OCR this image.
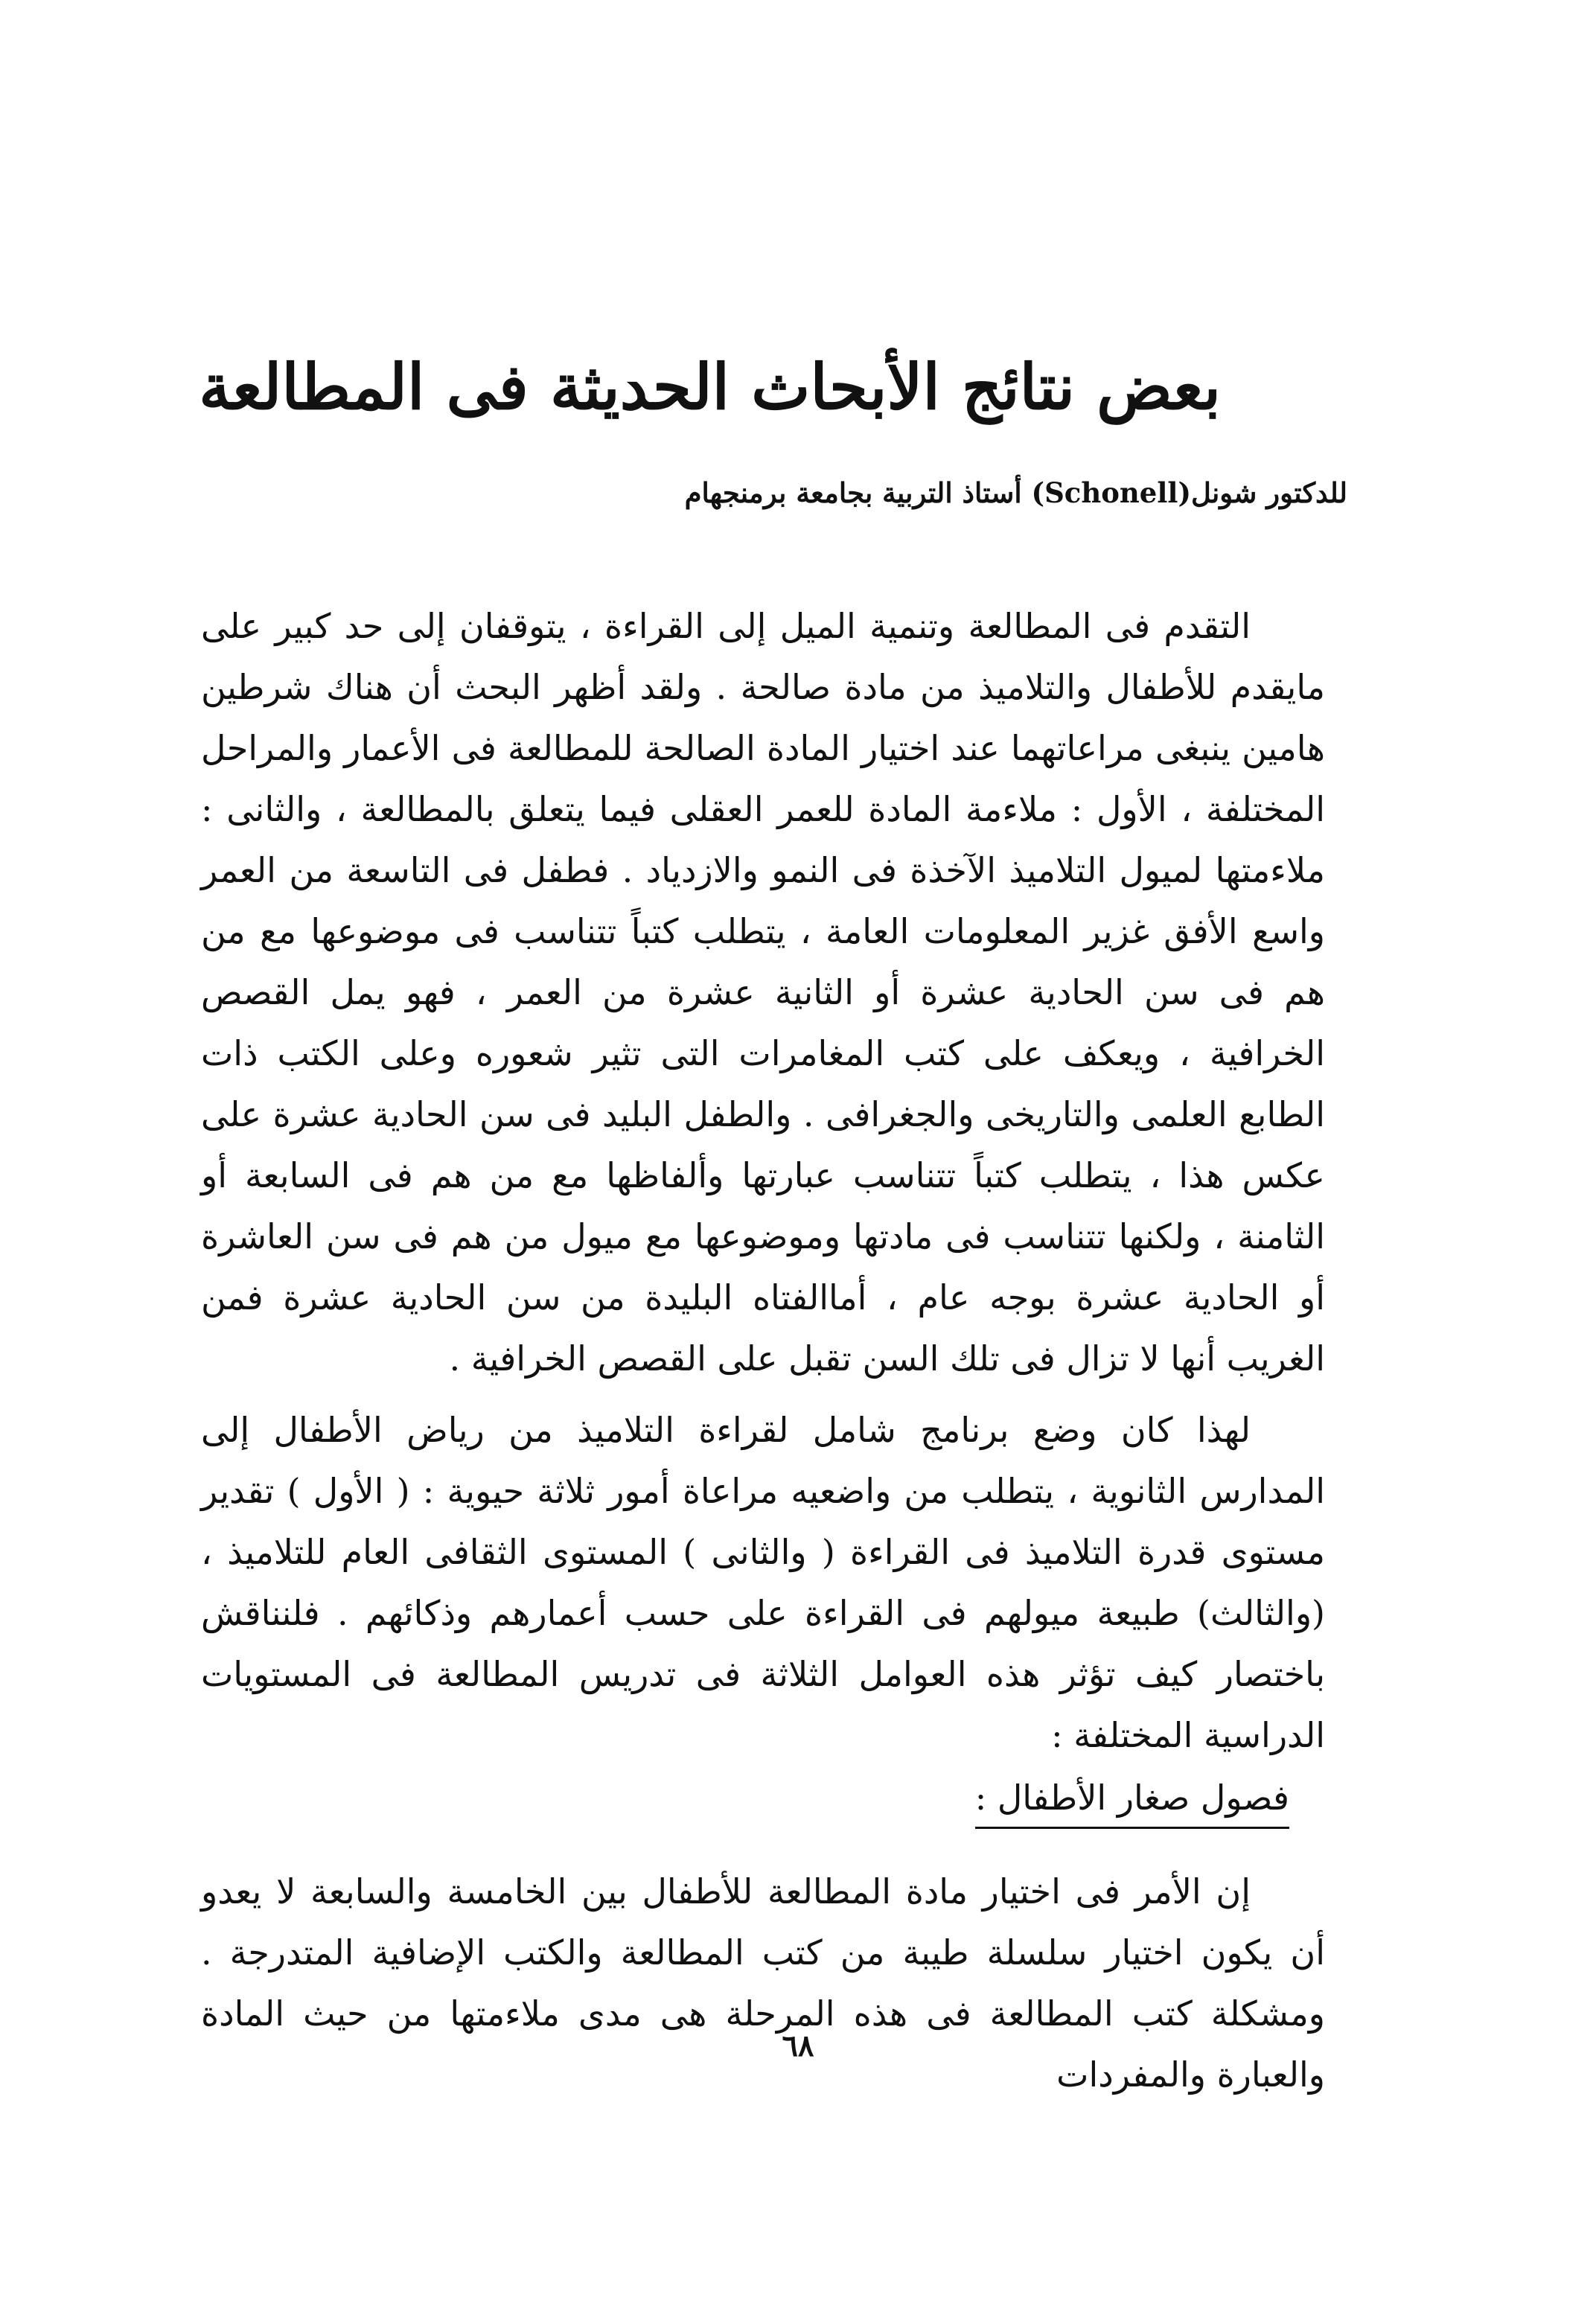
بعض نتائج الأبحاث الحديثة فى المطالعة
للدكتور شونل(Schonell) أستاذ التربية بجامعة برمنجهام
التقدم فى المطالعة وتنمية الميل إلى القراءة ، يتوقفان إلى حد كبير على مايقدم للأطفال والتلاميذ من مادة صالحة . ولقد أظهر البحث أن هناك شرطين هامين ينبغى مراعاتهما عند اختيار المادة الصالحة للمطالعة فى الأعمار والمراحل المختلفة ، الأول : ملاءمة المادة للعمر العقلى فيما يتعلق بالمطالعة ، والثانى : ملاءمتها لميول التلاميذ الآخذة فى النمو والازدياد . فطفل فى التاسعة من العمر واسع الأفق غزير المعلومات العامة ، يتطلب كتباً تتناسب فى موضوعها مع من هم فى سن الحادية عشرة أو الثانية عشرة من العمر ، فهو يمل القصص الخرافية ، ويعكف على كتب المغامرات التى تثير شعوره وعلى الكتب ذات الطابع العلمى والتاريخى والجغرافى . والطفل البليد فى سن الحادية عشرة على عكس هذا ، يتطلب كتباً تتناسب عبارتها وألفاظها مع من هم فى السابعة أو الثامنة ، ولكنها تتناسب فى مادتها وموضوعها مع ميول من هم فى سن العاشرة أو الحادية عشرة بوجه عام ، أماالفتاه البليدة من سن الحادية عشرة فمن الغريب أنها لا تزال فى تلك السن تقبل على القصص الخرافية .
لهذا كان وضع برنامج شامل لقراءة التلاميذ من رياض الأطفال إلى المدارس الثانوية ، يتطلب من واضعيه مراعاة أمور ثلاثة حيوية : ( الأول ) تقدير مستوى قدرة التلاميذ فى القراءة ( والثانى ) المستوى الثقافى العام للتلاميذ ، (والثالث) طبيعة ميولهم فى القراءة على حسب أعمارهم وذكائهم . فلنناقش باختصار كيف تؤثر هذه العوامل الثلاثة فى تدريس المطالعة فى المستويات الدراسية المختلفة :
فصول صغار الأطفال :
إن الأمر فى اختيار مادة المطالعة للأطفال بين الخامسة والسابعة لا يعدو أن يكون اختيار سلسلة طيبة من كتب المطالعة والكتب الإضافية المتدرجة . ومشكلة كتب المطالعة فى هذه المرحلة هى مدى ملاءمتها من حيث المادة والعبارة والمفردات
٦٨
